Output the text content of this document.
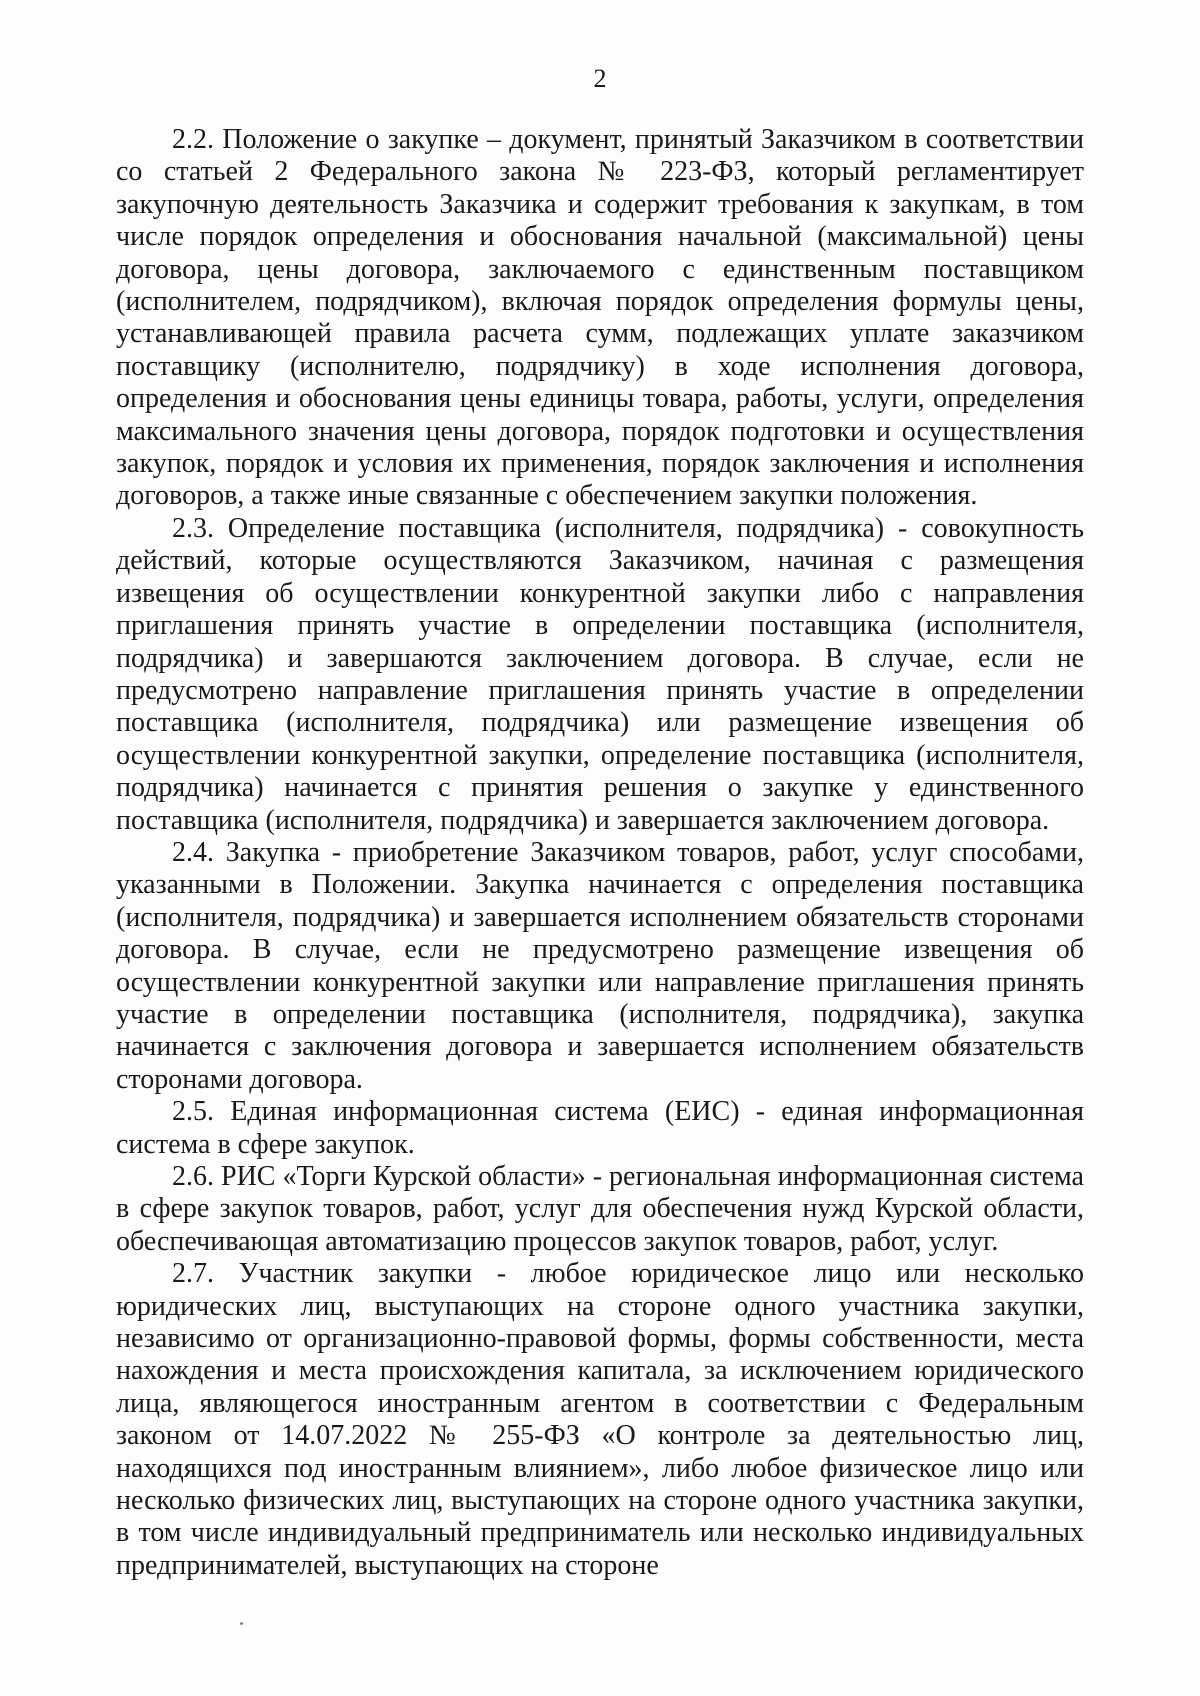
2

2.2. Положение о закупке – документ, принятый Заказчиком в соответствии со статьей 2 Федерального закона № 223-ФЗ, который регламентирует закупочную деятельность Заказчика и содержит требования к закупкам, в том числе порядок определения и обоснования начальной (максимальной) цены договора, цены договора, заключаемого с единственным поставщиком (исполнителем, подрядчиком), включая порядок определения формулы цены, устанавливающей правила расчета сумм, подлежащих уплате заказчиком поставщику (исполнителю, подрядчику) в ходе исполнения договора, определения и обоснования цены единицы товара, работы, услуги, определения максимального значения цены договора, порядок подготовки и осуществления закупок, порядок и условия их применения, порядок заключения и исполнения договоров, а также иные связанные с обеспечением закупки положения.

2.3. Определение поставщика (исполнителя, подрядчика) - совокупность действий, которые осуществляются Заказчиком, начиная с размещения извещения об осуществлении конкурентной закупки либо с направления приглашения принять участие в определении поставщика (исполнителя, подрядчика) и завершаются заключением договора. В случае, если не предусмотрено направление приглашения принять участие в определении поставщика (исполнителя, подрядчика) или размещение извещения об осуществлении конкурентной закупки, определение поставщика (исполнителя, подрядчика) начинается с принятия решения о закупке у единственного поставщика (исполнителя, подрядчика) и завершается заключением договора.

2.4. Закупка - приобретение Заказчиком товаров, работ, услуг способами, указанными в Положении. Закупка начинается с определения поставщика (исполнителя, подрядчика) и завершается исполнением обязательств сторонами договора. В случае, если не предусмотрено размещение извещения об осуществлении конкурентной закупки или направление приглашения принять участие в определении поставщика (исполнителя, подрядчика), закупка начинается с заключения договора и завершается исполнением обязательств сторонами договора.

2.5. Единая информационная система (ЕИС) - единая информационная система в сфере закупок.

2.6. РИС «Торги Курской области» - региональная информационная система в сфере закупок товаров, работ, услуг для обеспечения нужд Курской области, обеспечивающая автоматизацию процессов закупок товаров, работ, услуг.

2.7. Участник закупки - любое юридическое лицо или несколько юридических лиц, выступающих на стороне одного участника закупки, независимо от организационно-правовой формы, формы собственности, места нахождения и места происхождения капитала, за исключением юридического лица, являющегося иностранным агентом в соответствии с Федеральным законом от 14.07.2022 № 255-ФЗ «О контроле за деятельностью лиц, находящихся под иностранным влиянием», либо любое физическое лицо или несколько физических лиц, выступающих на стороне одного участника закупки, в том числе индивидуальный предприниматель или несколько индивидуальных предпринимателей, выступающих на стороне
